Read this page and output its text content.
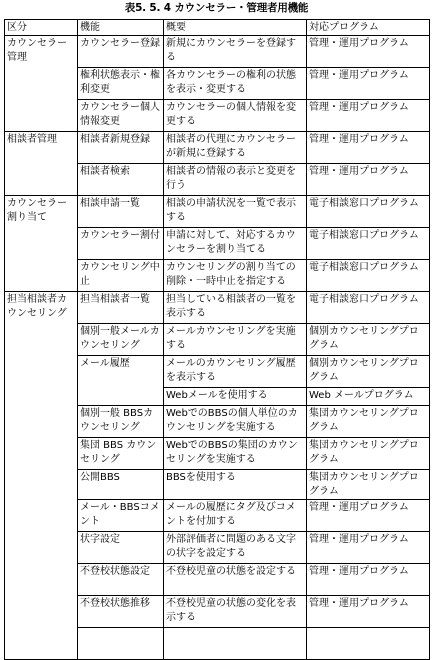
表5. 5. 4 カウンセラー・管理者用機能
区分	機能	概要	対応プログラム
カウンセラー管理	カウンセラー登録	新規にカウンセラーを登録する	管理・運用プログラム
	権利状態表示・権利変更	各カウンセラーの権利の状態を表示・変更する	管理・運用プログラム
	カウンセラー個人情報変更	カウンセラーの個人情報を変更する	管理・運用プログラム
相談者管理	相談者新規登録	相談者の代理にカウンセラーが新規に登録する	管理・運用プログラム
	相談者検索	相談者の情報の表示と変更を行う	管理・運用プログラム
カウンセラー割り当て	相談申請一覧	相談の申請状況を一覧で表示する	電子相談窓口プログラム
	カウンセラー割付	申請に対して、対応するカウンセラーを割り当てる	電子相談窓口プログラム
	カウンセリング中止	カウンセリングの割り当ての削除・一時中止を指定する	電子相談窓口プログラム
担当相談者カウンセリング	担当相談者一覧	担当している相談者の一覧を表示する	電子相談窓口プログラム
	個別一般メールカウンセリング	メールカウンセリングを実施する	個別カウンセリングプログラム
	メール履歴	メールのカウンセリング履歴を表示する	個別カウンセリングプログラム
		Webメールを使用する	Web メールプログラム
	個別一般 BBSカウンセリング	WebでのBBSの個人単位のカウンセリングを実施する	集団カウンセリングプログラム
	集団 BBS カウンセリング	WebでのBBSの集団のカウンセリングを実施する	集団カウンセリングプログラム
	公開BBS	BBSを使用する	集団カウンセリングプログラム
	メール・BBSコメント	メールの履歴にタグ及びコメントを付加する	管理・運用プログラム
	状字設定	外部評価者に問題のある文字の状字を設定する	管理・運用プログラム
	不登校状態設定	不登校児童の状態を設定する	管理・運用プログラム
	不登校状態推移	不登校児童の状態の変化を表示する	管理・運用プログラム
